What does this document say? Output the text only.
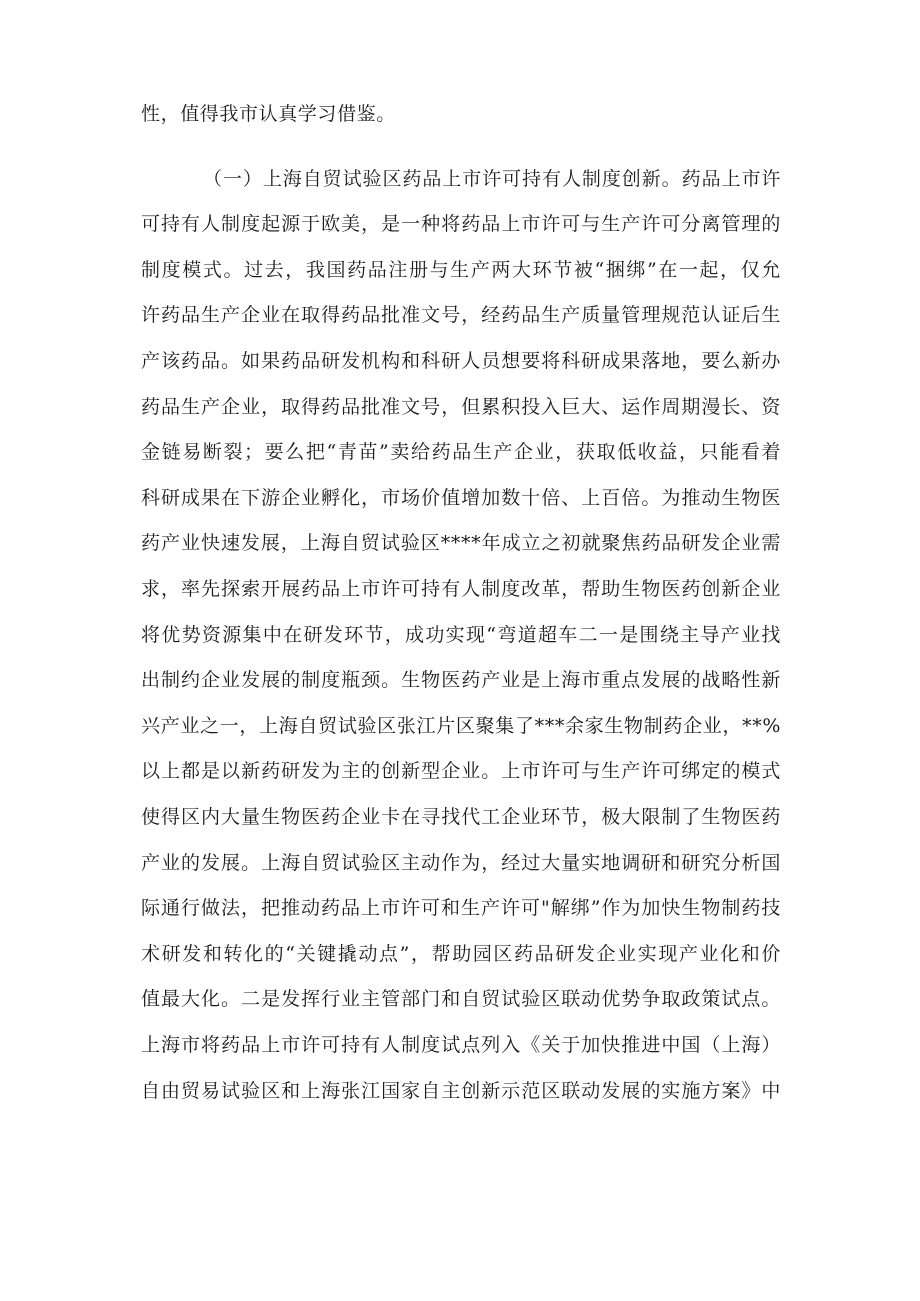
性，值得我市认真学习借鉴。
（一）上海自贸试验区药品上市许可持有人制度创新。药品上市许
可持有人制度起源于欧美，是一种将药品上市许可与生产许可分离管理的
制度模式。过去，我国药品注册与生产两大环节被“捆绑”在一起，仅允
许药品生产企业在取得药品批准文号，经药品生产质量管理规范认证后生
产该药品。如果药品研发机构和科研人员想要将科研成果落地，要么新办
药品生产企业，取得药品批准文号，但累积投入巨大、运作周期漫长、资
金链易断裂；要么把“青苗”卖给药品生产企业，获取低收益，只能看着
科研成果在下游企业孵化，市场价值增加数十倍、上百倍。为推动生物医
药产业快速发展，上海自贸试验区****年成立之初就聚焦药品研发企业需
求，率先探索开展药品上市许可持有人制度改革，帮助生物医药创新企业
将优势资源集中在研发环节，成功实现“弯道超车二一是围绕主导产业找
出制约企业发展的制度瓶颈。生物医药产业是上海市重点发展的战略性新
兴产业之一，上海自贸试验区张江片区聚集了***余家生物制药企业，**%
以上都是以新药研发为主的创新型企业。上市许可与生产许可绑定的模式
使得区内大量生物医药企业卡在寻找代工企业环节，极大限制了生物医药
产业的发展。上海自贸试验区主动作为，经过大量实地调研和研究分析国
际通行做法，把推动药品上市许可和生产许可"解绑”作为加快生物制药技
术研发和转化的“关键撬动点”，帮助园区药品研发企业实现产业化和价
值最大化。二是发挥行业主管部门和自贸试验区联动优势争取政策试点。
上海市将药品上市许可持有人制度试点列入《关于加快推进中国（上海）
自由贸易试验区和上海张江国家自主创新示范区联动发展的实施方案》中
